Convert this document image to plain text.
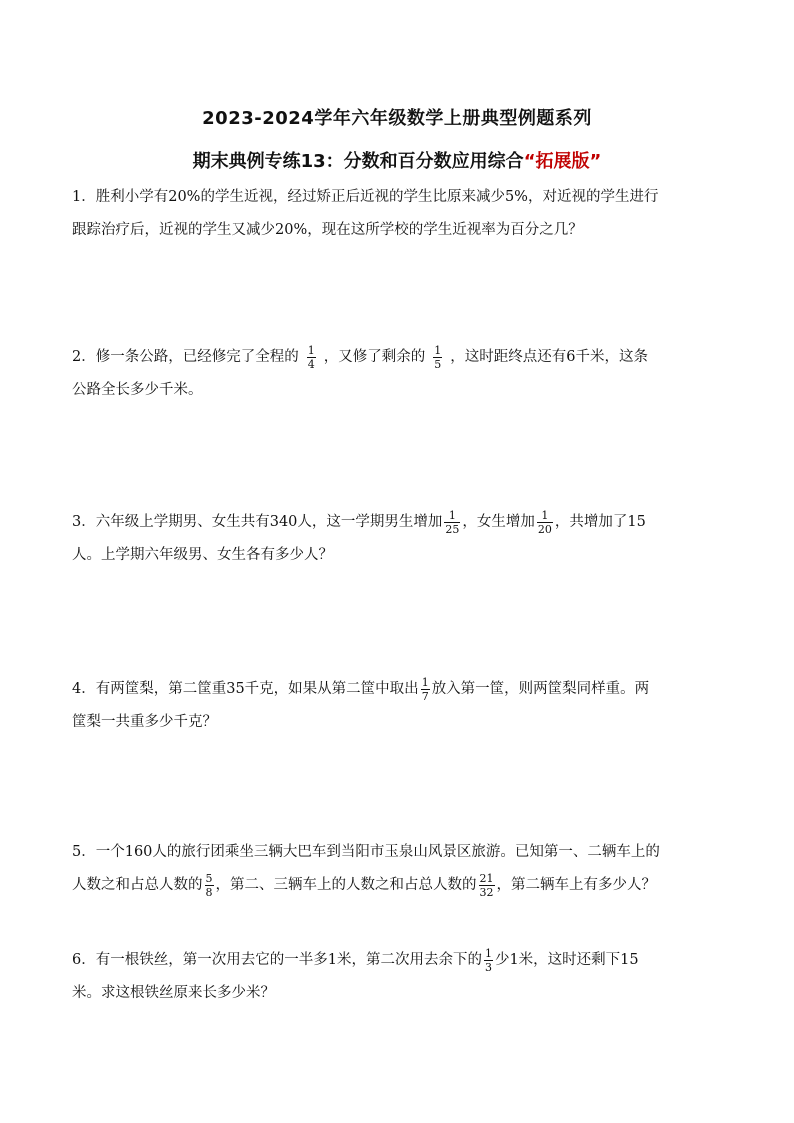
2023-2024学年六年级数学上册典型例题系列
期末典例专练13：分数和百分数应用综合“拓展版”
1．胜利小学有20%的学生近视，经过矫正后近视的学生比原来减少5%，对近视的学生进行
跟踪治疗后，近视的学生又减少20%，现在这所学校的学生近视率为百分之几？
2．修一条公路，已经修完了全程的 $\frac{1}{4}$ ，又修了剩余的 $\frac{1}{5}$ ，这时距终点还有6千米，这条
公路全长多少千米。
3．六年级上学期男、女生共有340人，这一学期男生增加 $\frac{1}{25}$ ，女生增加 $\frac{1}{20}$ ，共增加了15
人。上学期六年级男、女生各有多少人？
4．有两筐梨，第二筐重35千克，如果从第二筐中取出 $\frac{1}{7}$ 放入第一筐，则两筐梨同样重。两
筐梨一共重多少千克？
5．一个160人的旅行团乘坐三辆大巴车到当阳市玉泉山风景区旅游。已知第一、二辆车上的
人数之和占总人数的 $\frac{5}{8}$ ，第二、三辆车上的人数之和占总人数的 $\frac{21}{32}$ ，第二辆车上有多少人？
6．有一根铁丝，第一次用去它的一半多1米，第二次用去余下的 $\frac{1}{3}$ 少1米，这时还剩下15
米。求这根铁丝原来长多少米？
